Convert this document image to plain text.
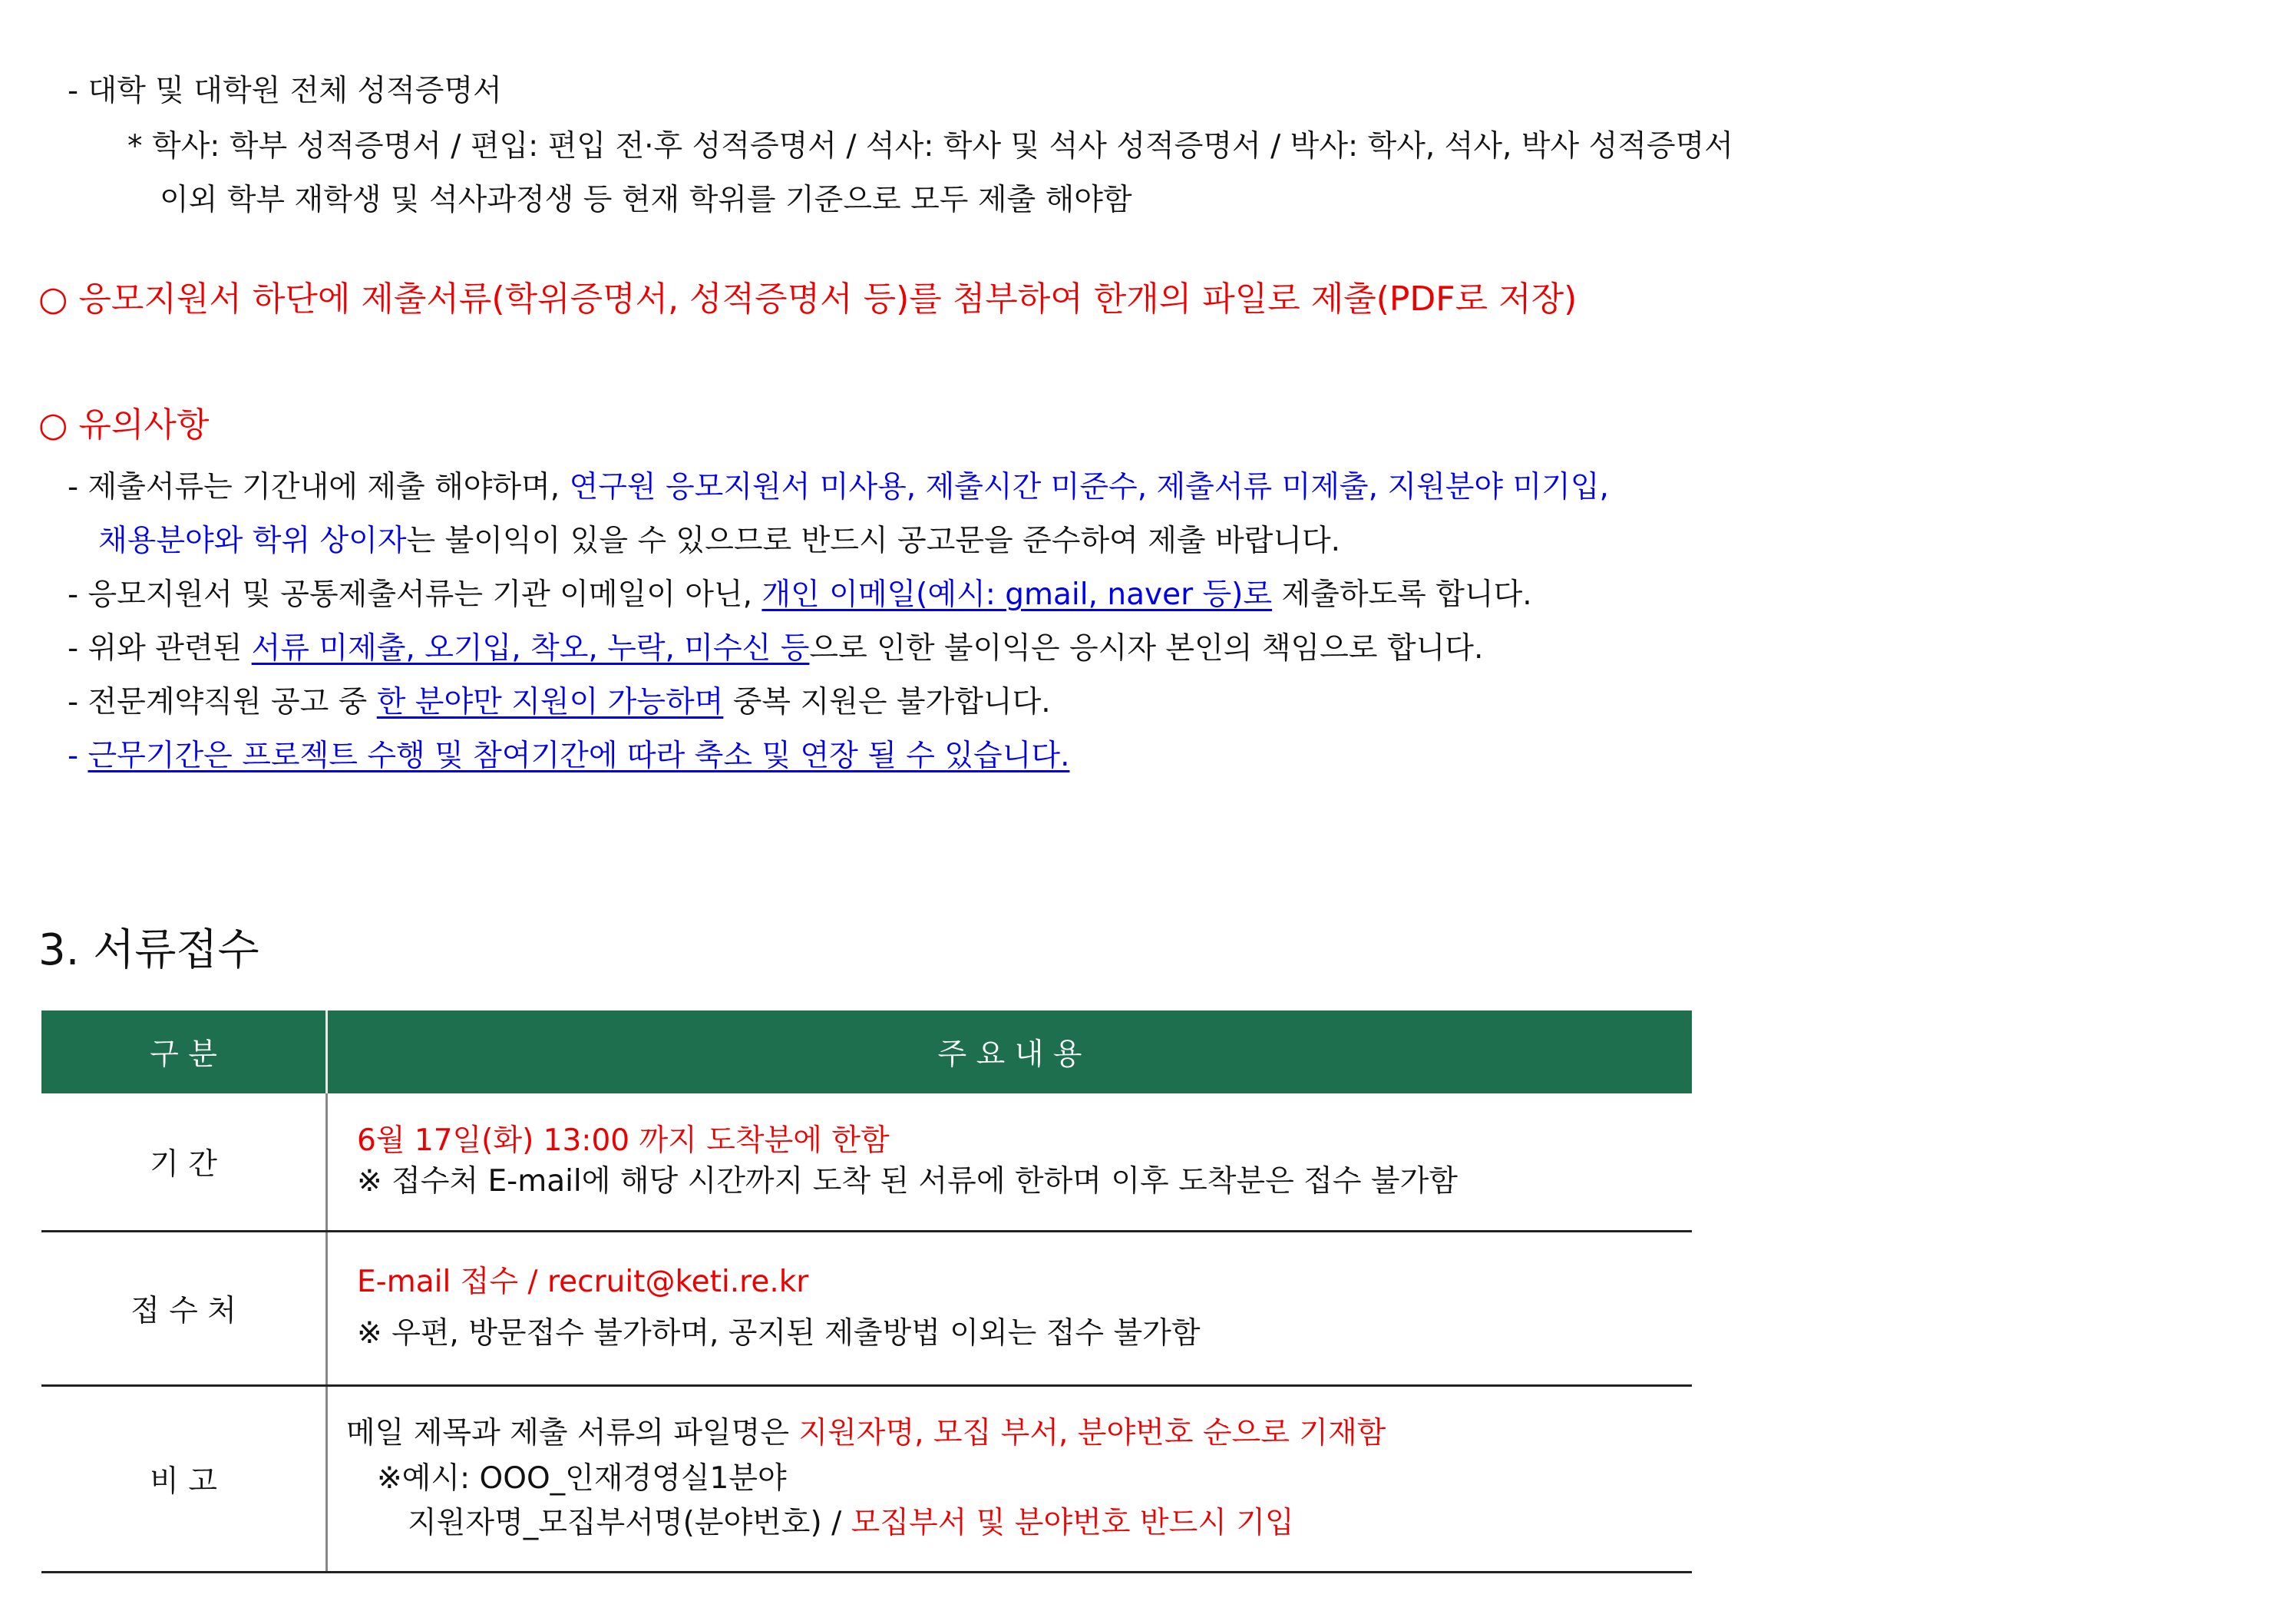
- 대학 및 대학원 전체 성적증명서
* 학사: 학부 성적증명서 / 편입: 편입 전·후 성적증명서 / 석사: 학사 및 석사 성적증명서 / 박사: 학사, 석사, 박사 성적증명서
이외 학부 재학생 및 석사과정생 등 현재 학위를 기준으로 모두 제출 해야함
○ 응모지원서 하단에 제출서류(학위증명서, 성적증명서 등)를 첨부하여 한개의 파일로 제출(PDF로 저장)
○ 유의사항
- 제출서류는 기간내에 제출 해야하며, 연구원 응모지원서 미사용, 제출시간 미준수, 제출서류 미제출, 지원분야 미기입,
채용분야와 학위 상이자는 불이익이 있을 수 있으므로 반드시 공고문을 준수하여 제출 바랍니다.
- 응모지원서 및 공통제출서류는 기관 이메일이 아닌, 개인 이메일(예시: gmail, naver 등)로 제출하도록 합니다.
- 위와 관련된 서류 미제출, 오기입, 착오, 누락, 미수신 등으로 인한 불이익은 응시자 본인의 책임으로 합니다.
- 전문계약직원 공고 중 한 분야만 지원이 가능하며 중복 지원은 불가합니다.
- 근무기간은 프로젝트 수행 및 참여기간에 따라 축소 및 연장 될 수 있습니다.
3. 서류접수
구 분	주 요 내 용
기 간	6월 17일(화) 13:00 까지 도착분에 한함
※ 접수처 E-mail에 해당 시간까지 도착 된 서류에 한하며 이후 도착분은 접수 불가함

접 수 처	E-mail 접수 / recruit@keti.re.kr
※ 우편, 방문접수 불가하며, 공지된 제출방법 이외는 접수 불가함

비 고	메일 제목과 제출 서류의 파일명은 지원자명, 모집 부서, 분야번호 순으로 기재함
※예시: OOO_인재경영실1분야
지원자명_모집부서명(분야번호) / 모집부서 및 분야번호 반드시 기입
